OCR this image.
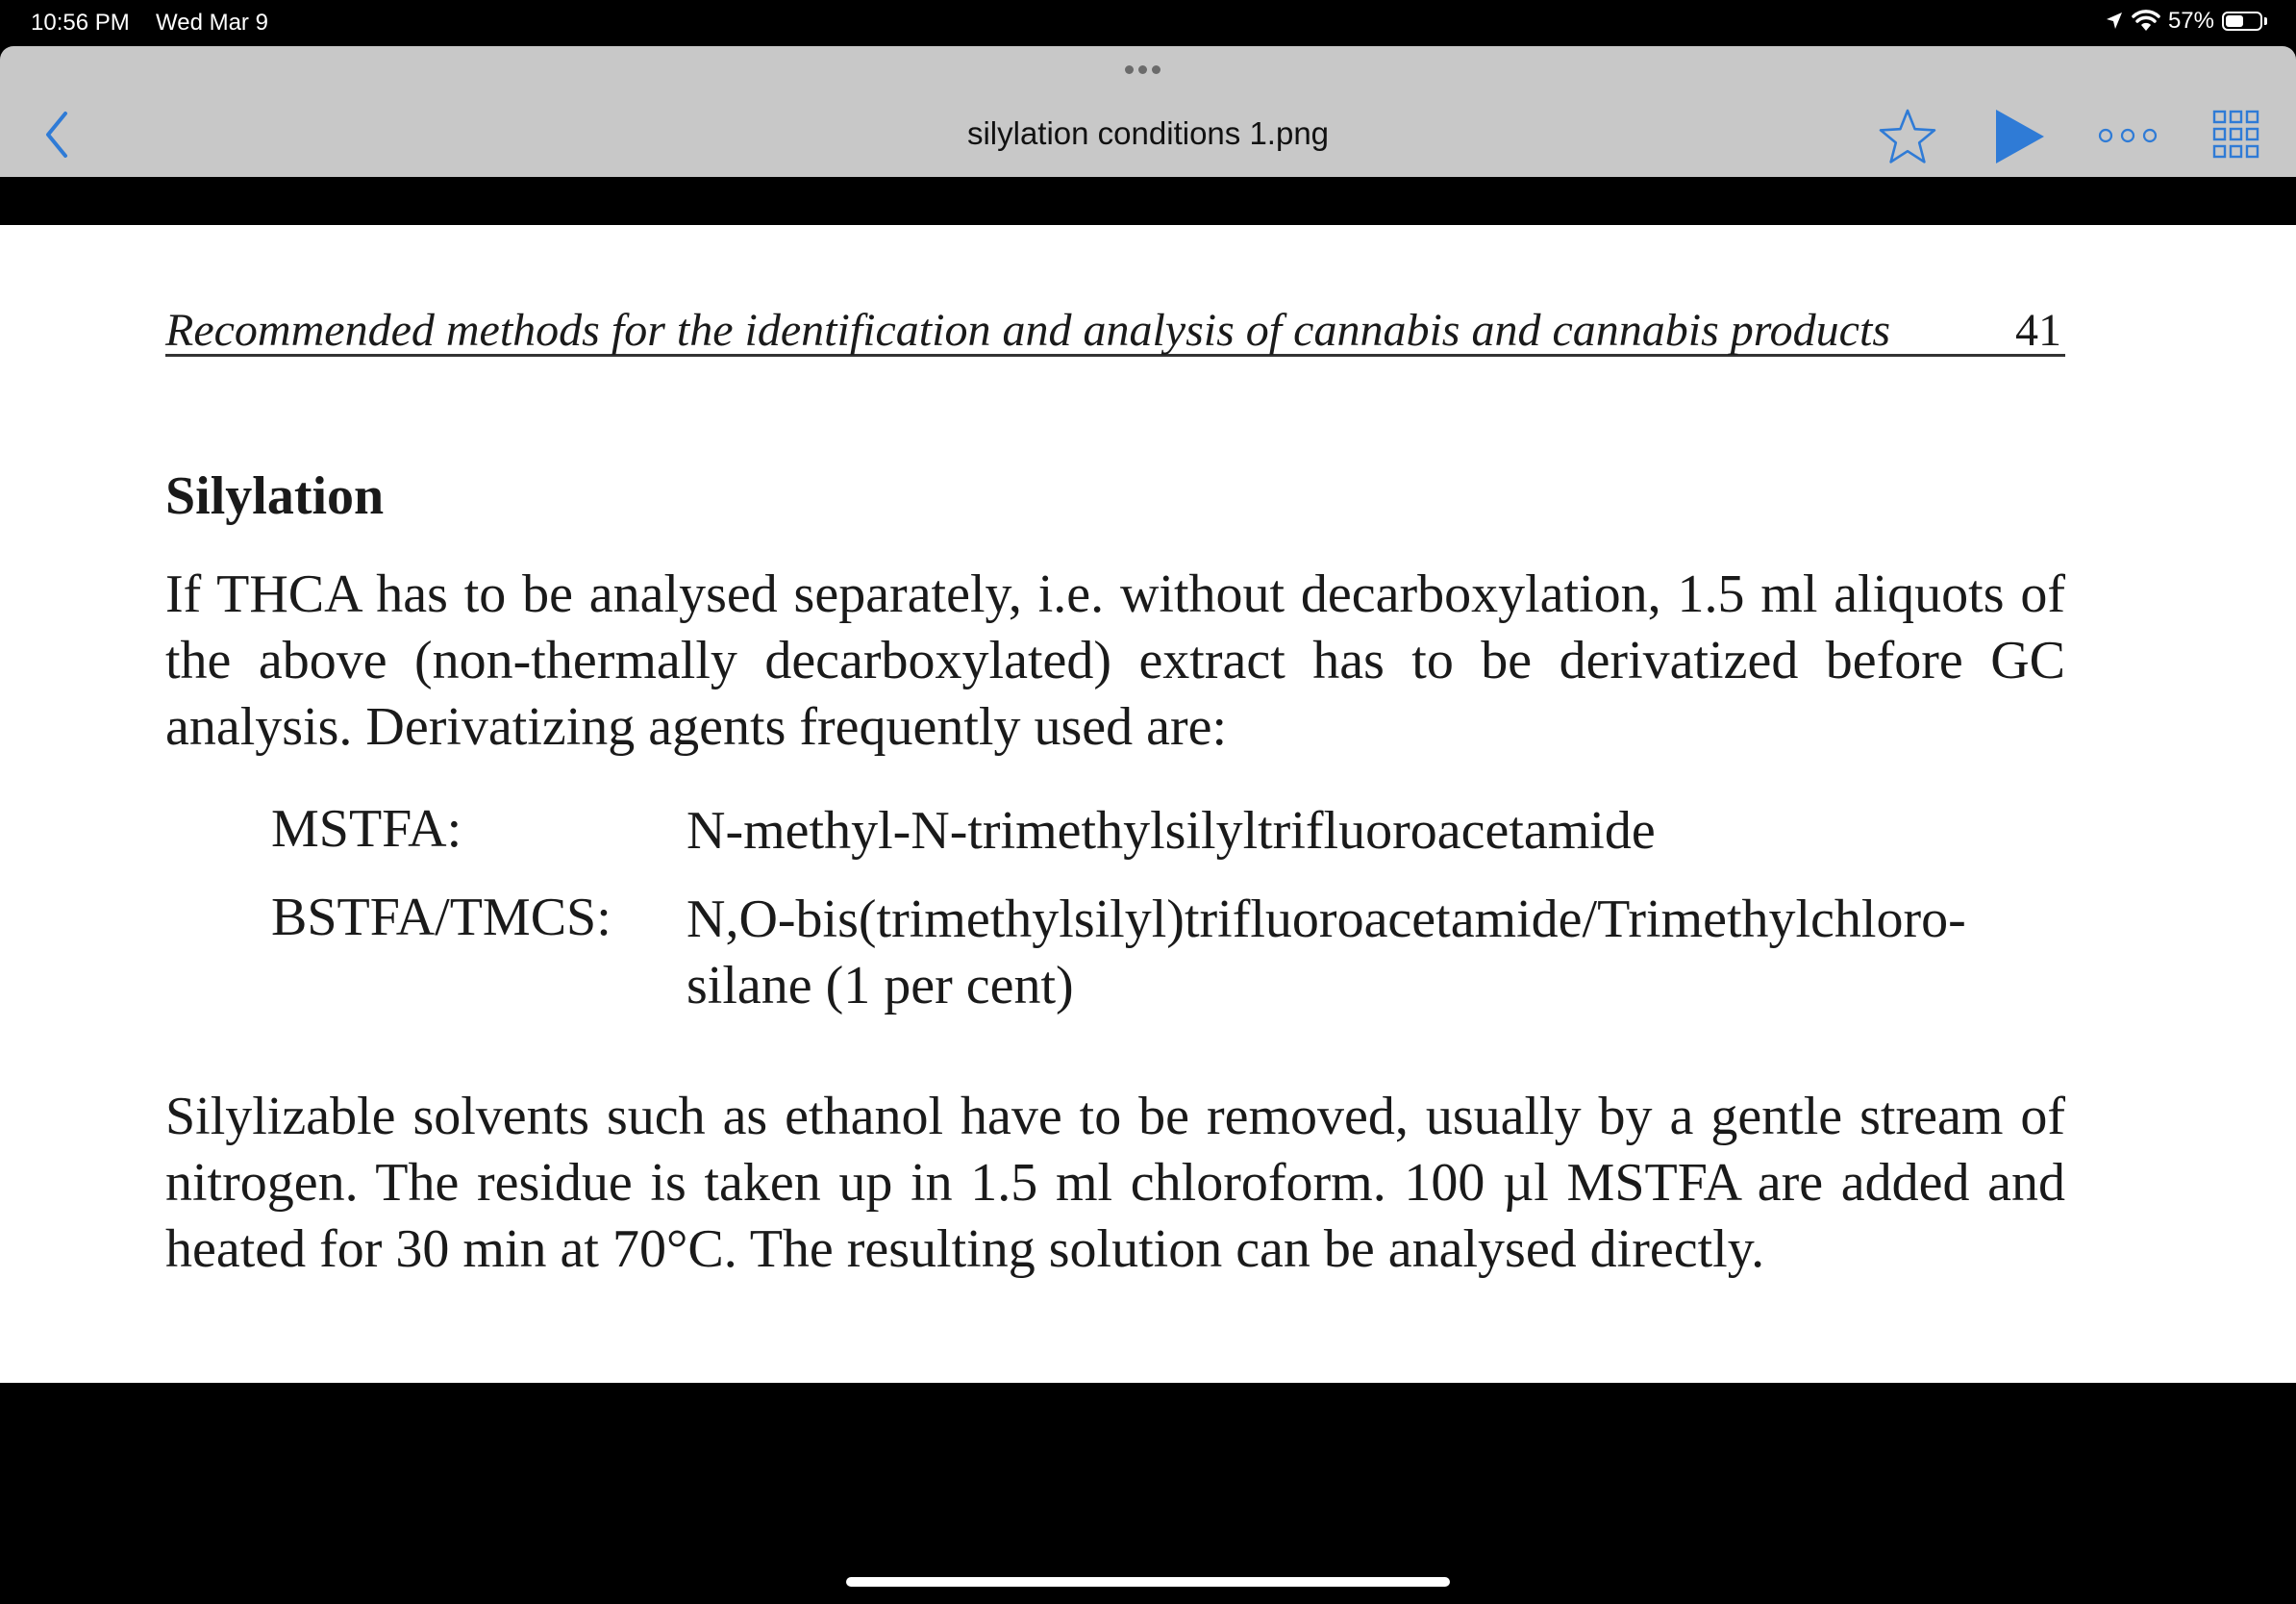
10:56 PM Wed Mar 9	57%
silylation conditions 1.png
Recommended methods for the identification and analysis of cannabis and cannabis products	41
Silylation
If THCA has to be analysed separately, i.e. without decarboxylation, 1.5 ml aliquots of the above (non-thermally decarboxylated) extract has to be derivatized before GC analysis. Derivatizing agents frequently used are:
MSTFA:	N-methyl-N-trimethylsilyltrifluoroacetamide
BSTFA/TMCS: N,O-bis(trimethylsilyl)trifluoroacetamide/Trimethylchloro-silane (1 per cent)
Silylizable solvents such as ethanol have to be removed, usually by a gentle stream of nitrogen. The residue is taken up in 1.5 ml chloroform. 100 µl MSTFA are added and heated for 30 min at 70°C. The resulting solution can be analysed directly.
